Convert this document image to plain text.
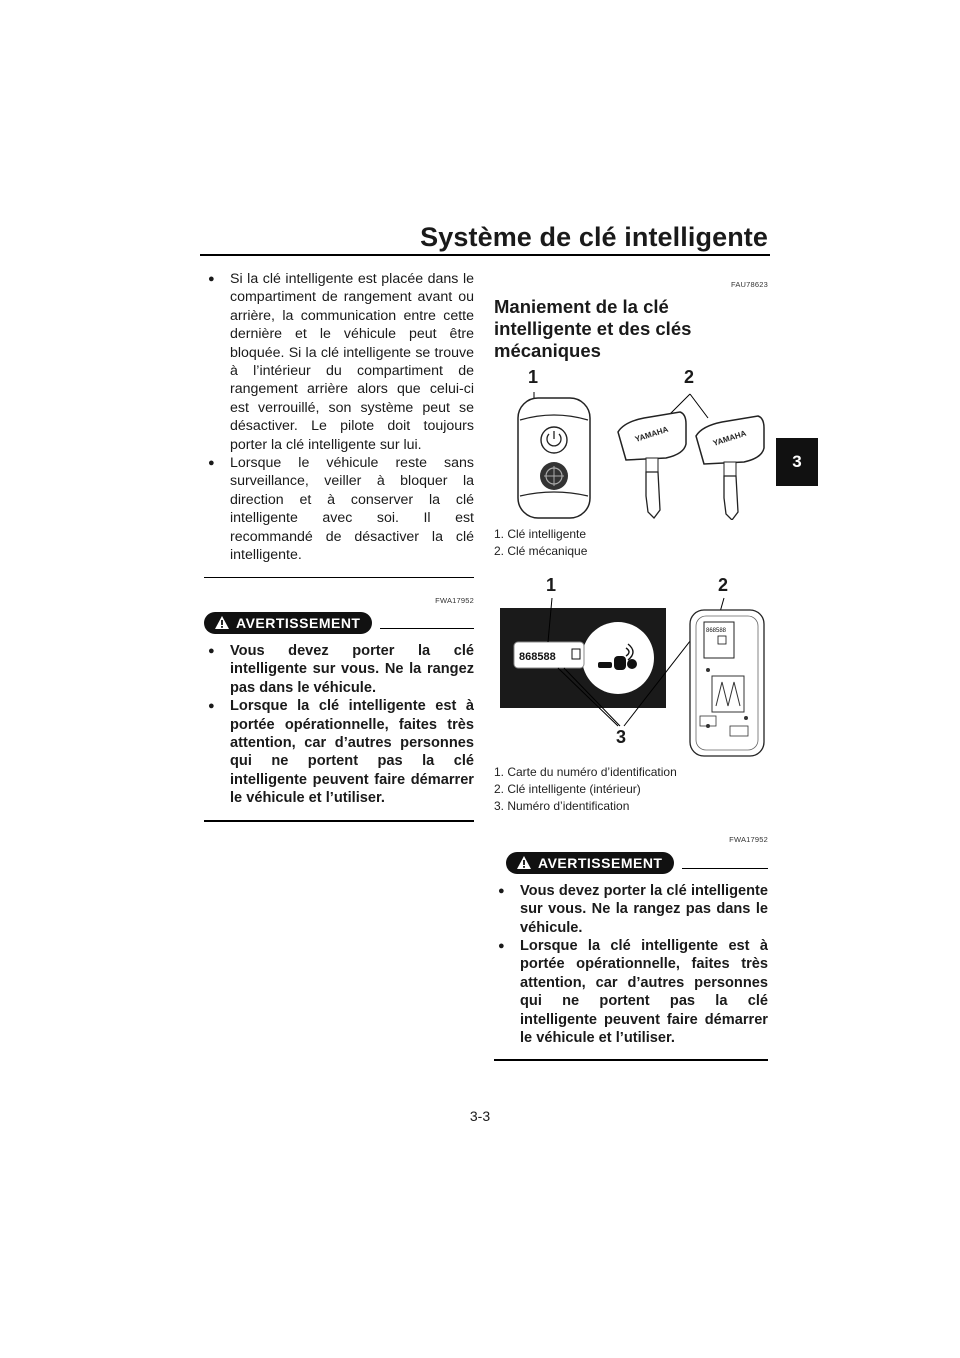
Système de clé intelligente
3
● Si la clé intelligente est placée dans le compartiment de rangement avant ou arrière, la communication entre cette dernière et le véhicule peut être bloquée. Si la clé intelligente se trouve à l’intérieur du compartiment de rangement arrière alors que celui-ci est verrouillé, son système peut se désactiver. Le pilote doit toujours porter la clé intelligente sur lui.
● Lorsque le véhicule reste sans surveillance, veiller à bloquer la direction et à conserver la clé intelligente avec soi. Il est recommandé de désactiver la clé intelligente.
FWA17952
AVERTISSEMENT
● Vous devez porter la clé intelligente sur vous. Ne la rangez pas dans le véhicule.
● Lorsque la clé intelligente est à portée opérationnelle, faites très attention, car d’autres personnes qui ne portent pas la clé intelligente peuvent faire démarrer le véhicule et l’utiliser.
FAU78623
Maniement de la clé intelligente et des clés mécaniques
1	2
YAMAHA	YAMAHA
1. Clé intelligente
2. Clé mécanique
1	2
3
868588
868588
1. Carte du numéro d’identification
2. Clé intelligente (intérieur)
3. Numéro d’identification
FWA17952
AVERTISSEMENT
● Vous devez porter la clé intelligente sur vous. Ne la rangez pas dans le véhicule.
● Lorsque la clé intelligente est à portée opérationnelle, faites très attention, car d’autres personnes qui ne portent pas la clé intelligente peuvent faire démarrer le véhicule et l’utiliser.
3-3
